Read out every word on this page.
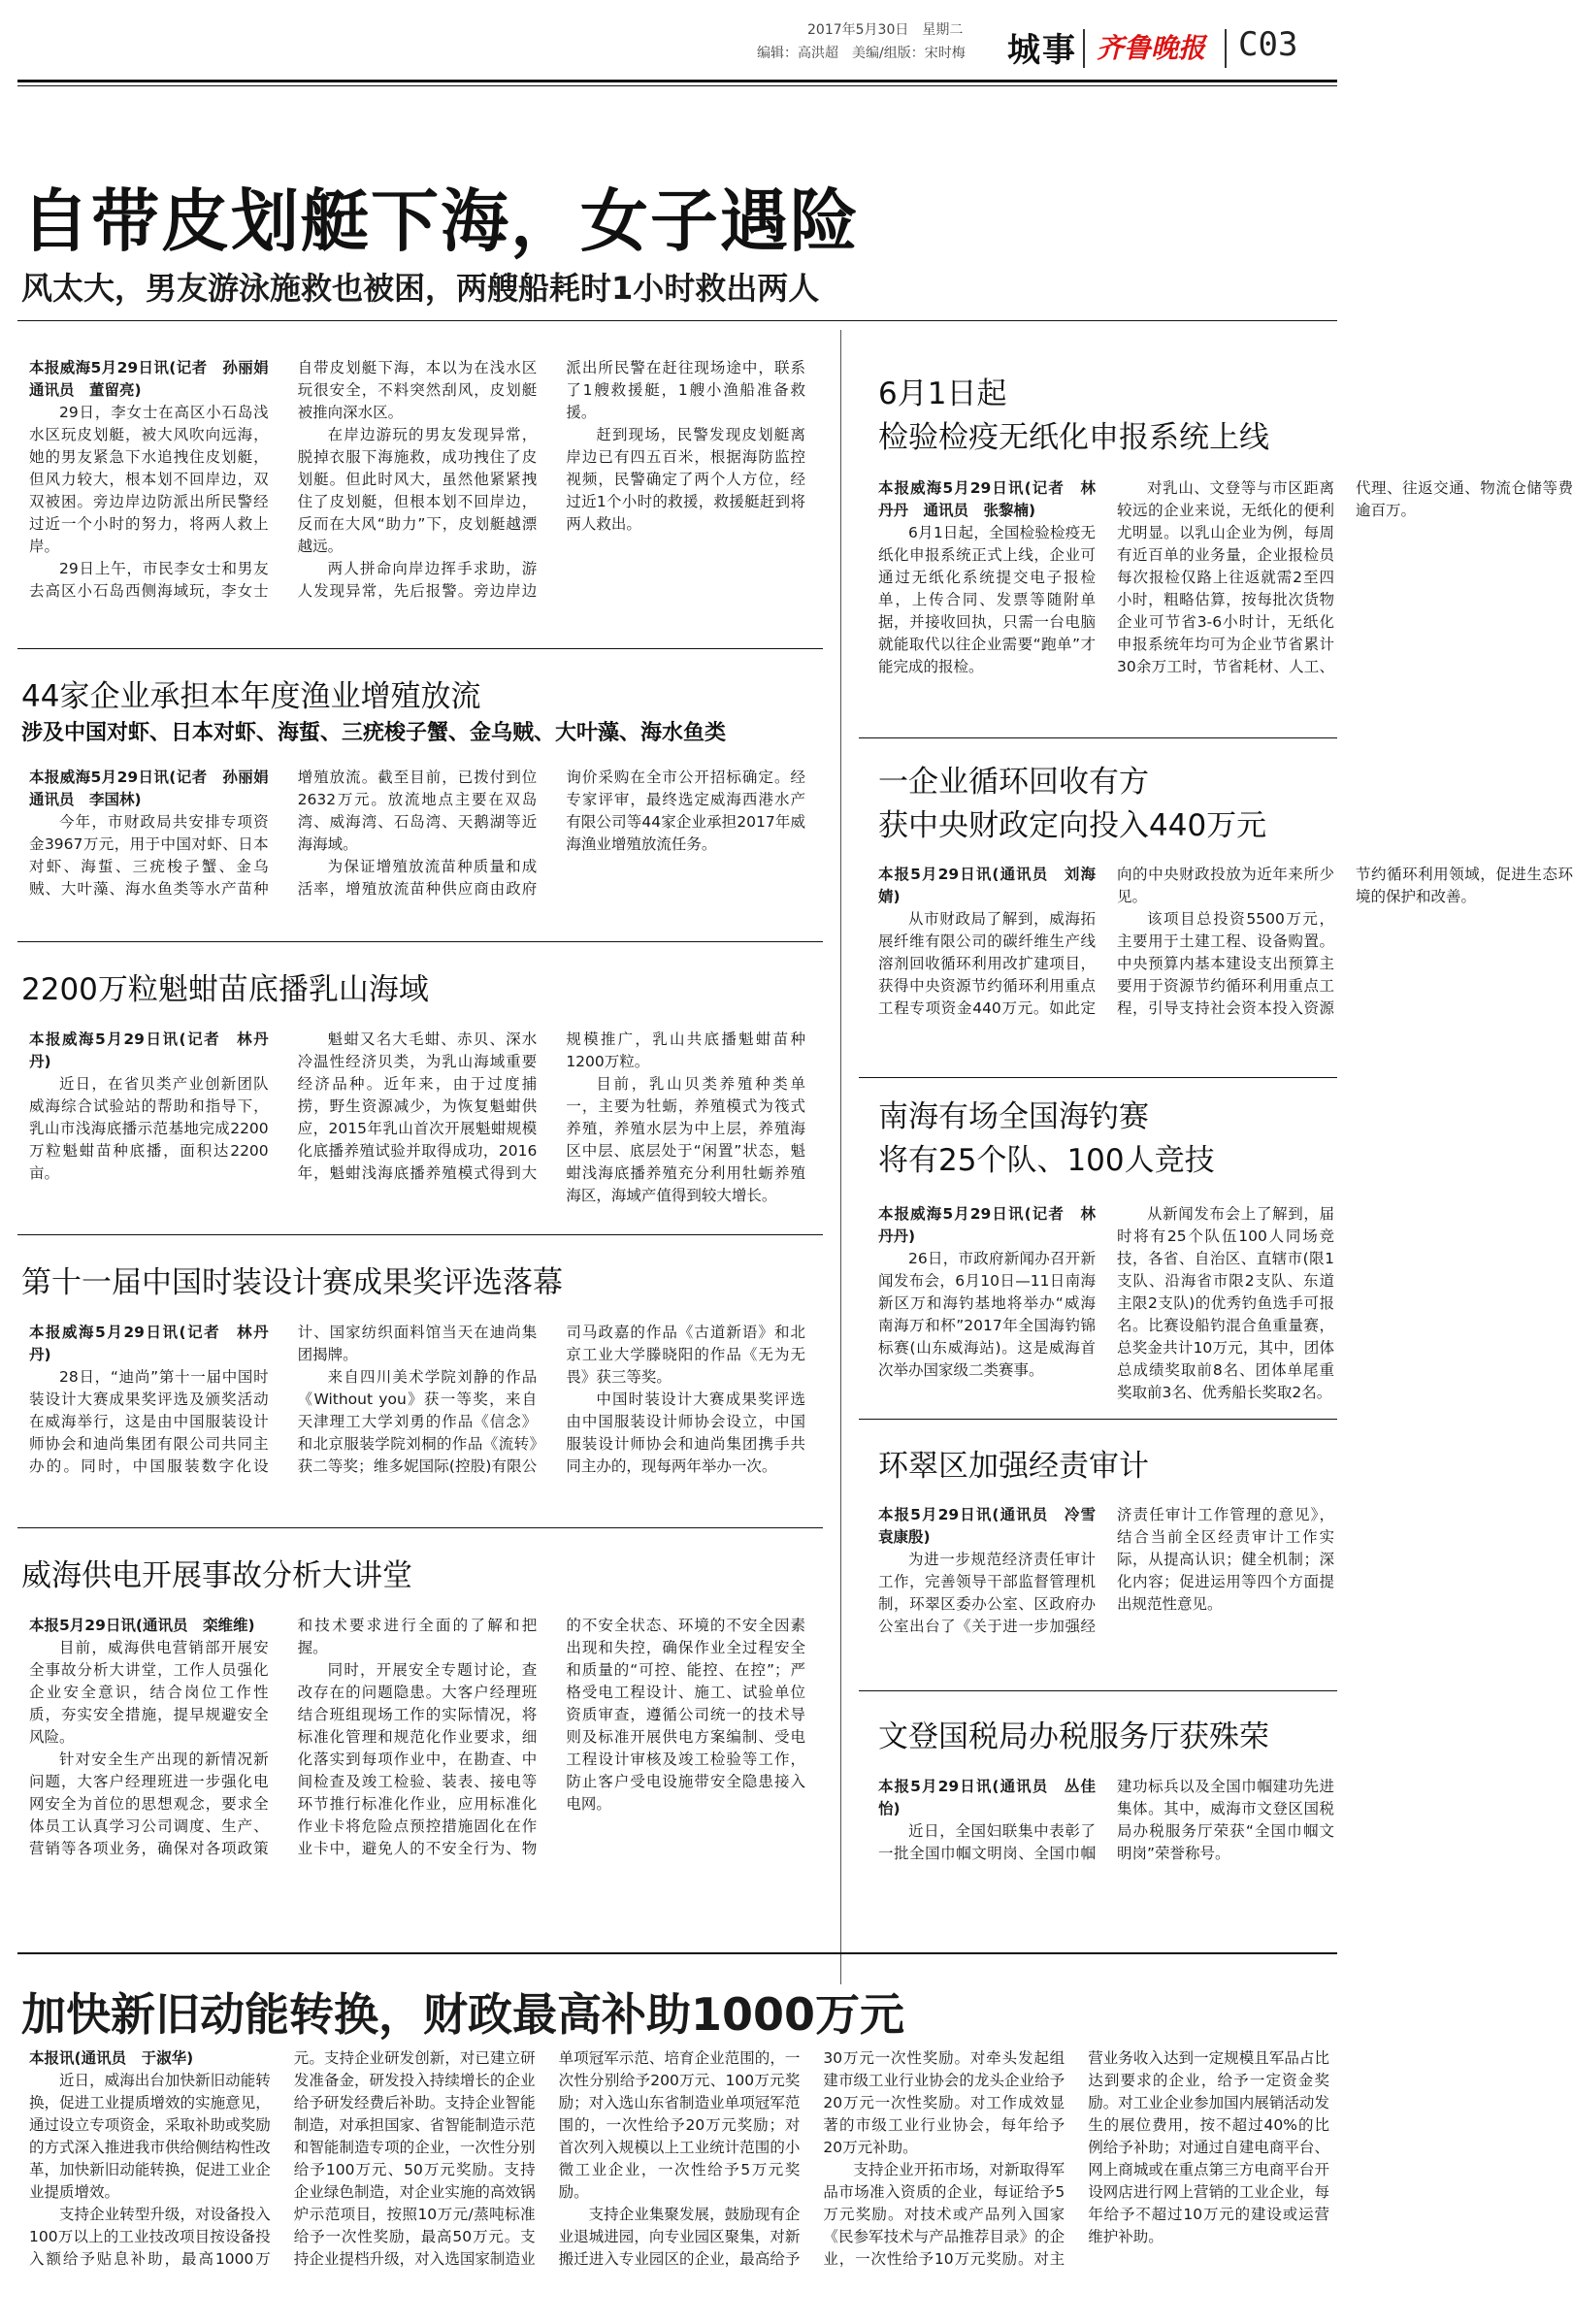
2017年5月30日　星期二
编辑：高洪超　美编/组版：宋时梅 城事 齐鲁晚报 C03
自带皮划艇下海，女子遇险
风太大，男友游泳施救也被困，两艘船耗时1小时救出两人

本报威海5月29日讯(记者　孙丽娟　通讯员　董留亮)

29日，李女士在高区小石岛浅水区玩皮划艇，被大风吹向远海，她的男友紧急下水追拽住皮划艇，但风力较大，根本划不回岸边，双双被困。旁边岸边防派出所民警经过近一个小时的努力，将两人救上岸。

29日上午，市民李女士和男友去高区小石岛西侧海域玩，李女士自带皮划艇下海，本以为在浅水区玩很安全，不料突然刮风，皮划艇被推向深水区。

在岸边游玩的男友发现异常，脱掉衣服下海施救，成功拽住了皮划艇。但此时风大，虽然他紧紧拽住了皮划艇，但根本划不回岸边，反而在大风“助力”下，皮划艇越漂越远。

两人拼命向岸边挥手求助，游人发现异常，先后报警。旁边岸边派出所民警在赶往现场途中，联系了1艘救援艇，1艘小渔船准备救援。

赶到现场，民警发现皮划艇离岸边已有四五百米，根据海防监控视频，民警确定了两个人方位，经过近1个小时的救援，救援艇赶到将两人救出。

44家企业承担本年度渔业增殖放流
涉及中国对虾、日本对虾、海蜇、三疣梭子蟹、金乌贼、大叶藻、海水鱼类

本报威海5月29日讯(记者　孙丽娟　通讯员　李国林)

今年，市财政局共安排专项资金3967万元，用于中国对虾、日本对虾、海蜇、三疣梭子蟹、金乌贼、大叶藻、海水鱼类等水产苗种增殖放流。截至目前，已拨付到位2632万元。放流地点主要在双岛湾、威海湾、石岛湾、天鹅湖等近海海域。

为保证增殖放流苗种质量和成活率，增殖放流苗种供应商由政府询价采购在全市公开招标确定。经专家评审，最终选定威海西港水产有限公司等44家企业承担2017年威海渔业增殖放流任务。

2200万粒魁蚶苗底播乳山海域

本报威海5月29日讯(记者　林丹丹)

近日，在省贝类产业创新团队威海综合试验站的帮助和指导下，乳山市浅海底播示范基地完成2200万粒魁蚶苗种底播，面积达2200亩。

魁蚶又名大毛蚶、赤贝、深水冷温性经济贝类，为乳山海域重要经济品种。近年来，由于过度捕捞，野生资源减少，为恢复魁蚶供应，2015年乳山首次开展魁蚶规模化底播养殖试验并取得成功，2016年，魁蚶浅海底播养殖模式得到大规模推广，乳山共底播魁蚶苗种1200万粒。

目前，乳山贝类养殖种类单一，主要为牡蛎，养殖模式为筏式养殖，养殖水层为中上层，养殖海区中层、底层处于“闲置”状态，魁蚶浅海底播养殖充分利用牡蛎养殖海区，海域产值得到较大增长。

第十一届中国时装设计赛成果奖评选落幕

本报威海5月29日讯(记者　林丹丹)

28日，“迪尚”第十一届中国时装设计大赛成果奖评选及颁奖活动在威海举行，这是由中国服装设计师协会和迪尚集团有限公司共同主办的。同时，中国服装数字化设计、国家纺织面料馆当天在迪尚集团揭牌。

来自四川美术学院刘静的作品《Without you》获一等奖，来自天津理工大学刘勇的作品《信念》和北京服装学院刘桐的作品《流转》获二等奖；维多妮国际(控股)有限公司马政嘉的作品《古道新语》和北京工业大学滕晓阳的作品《无为无畏》获三等奖。

中国时装设计大赛成果奖评选由中国服装设计师协会设立，中国服装设计师协会和迪尚集团携手共同主办的，现每两年举办一次。

威海供电开展事故分析大讲堂

本报5月29日讯(通讯员　栾维维)

目前，威海供电营销部开展安全事故分析大讲堂，工作人员强化企业安全意识，结合岗位工作性质，夯实安全措施，提早规避安全风险。

针对安全生产出现的新情况新问题，大客户经理班进一步强化电网安全为首位的思想观念，要求全体员工认真学习公司调度、生产、营销等各项业务，确保对各项政策和技术要求进行全面的了解和把握。

同时，开展安全专题讨论，查改存在的问题隐患。大客户经理班结合班组现场工作的实际情况，将标准化管理和规范化作业要求，细化落实到每项作业中，在勘查、中间检查及竣工检验、装表、接电等环节推行标准化作业，应用标准化作业卡将危险点预控措施固化在作业卡中，避免人的不安全行为、物的不安全状态、环境的不安全因素出现和失控，确保作业全过程安全和质量的“可控、能控、在控”；严格受电工程设计、施工、试验单位资质审查，遵循公司统一的技术导则及标准开展供电方案编制、受电工程设计审核及竣工检验等工作，防止客户受电设施带安全隐患接入电网。

6月1日起
检验检疫无纸化申报系统上线

本报威海5月29日讯(记者　林丹丹　通讯员　张黎楠)

6月1日起，全国检验检疫无纸化申报系统正式上线，企业可通过无纸化系统提交电子报检单，上传合同、发票等随附单据，并接收回执，只需一台电脑就能取代以往企业需要“跑单”才能完成的报检。

对乳山、文登等与市区距离较远的企业来说，无纸化的便利尤明显。以乳山企业为例，每周有近百单的业务量，企业报检员每次报检仅路上往返就需2至四小时，粗略估算，按每批次货物企业可节省3-6小时计，无纸化申报系统年均可为企业节省累计30余万工时，节省耗材、人工、代理、往返交通、物流仓储等费逾百万。

一企业循环回收有方
获中央财政定向投入440万元

本报5月29日讯(通讯员　刘海婧)

从市财政局了解到，威海拓展纤维有限公司的碳纤维生产线溶剂回收循环利用改扩建项目，获得中央资源节约循环利用重点工程专项资金440万元。如此定向的中央财政投放为近年来所少见。

该项目总投资5500万元，主要用于土建工程、设备购置。中央预算内基本建设支出预算主要用于资源节约循环利用重点工程，引导支持社会资本投入资源节约循环利用领域，促进生态环境的保护和改善。

南海有场全国海钓赛
将有25个队、100人竞技

本报威海5月29日讯(记者　林丹丹)

26日，市政府新闻办召开新闻发布会，6月10日—11日南海新区万和海钓基地将举办“威海南海万和杯”2017年全国海钓锦标赛(山东威海站)。这是威海首次举办国家级二类赛事。

从新闻发布会上了解到，届时将有25个队伍100人同场竞技，各省、自治区、直辖市(限1支队、沿海省市限2支队、东道主限2支队)的优秀钓鱼选手可报名。比赛设船钓混合鱼重量赛，总奖金共计10万元，其中，团体总成绩奖取前8名、团体单尾重奖取前3名、优秀船长奖取2名。

环翠区加强经责审计

本报5月29日讯(通讯员　冷雪　袁康殷)

为进一步规范经济责任审计工作，完善领导干部监督管理机制，环翠区委办公室、区政府办公室出台了《关于进一步加强经济责任审计工作管理的意见》，结合当前全区经责审计工作实际，从提高认识；健全机制；深化内容；促进运用等四个方面提出规范性意见。

文登国税局办税服务厅获殊荣

本报5月29日讯(通讯员　丛佳怡)

近日，全国妇联集中表彰了一批全国巾帼文明岗、全国巾帼建功标兵以及全国巾帼建功先进集体。其中，威海市文登区国税局办税服务厅荣获“全国巾帼文明岗”荣誉称号。

加快新旧动能转换，财政最高补助1000万元

本报讯(通讯员　于淑华)

近日，威海出台加快新旧动能转换，促进工业提质增效的实施意见，通过设立专项资金，采取补助或奖励的方式深入推进我市供给侧结构性改革，加快新旧动能转换，促进工业企业提质增效。

支持企业转型升级，对设备投入100万以上的工业技改项目按设备投入额给予贴息补助，最高1000万元。支持企业研发创新，对已建立研发准备金，研发投入持续增长的企业给予研发经费后补助。支持企业智能制造，对承担国家、省智能制造示范和智能制造专项的企业，一次性分别给予100万元、50万元奖励。支持企业绿色制造，对企业实施的高效锅炉示范项目，按照10万元/蒸吨标准给予一次性奖励，最高50万元。支持企业提档升级，对入选国家制造业单项冠军示范、培育企业范围的，一次性分别给予200万元、100万元奖励；对入选山东省制造业单项冠军范围的，一次性给予20万元奖励；对首次列入规模以上工业统计范围的小微工业企业，一次性给予5万元奖励。

支持企业集聚发展，鼓励现有企业退城进园，向专业园区聚集，对新搬迁进入专业园区的企业，最高给予30万元一次性奖励。对牵头发起组建市级工业行业协会的龙头企业给予20万元一次性奖励。对工作成效显著的市级工业行业协会，每年给予20万元补助。

支持企业开拓市场，对新取得军品市场准入资质的企业，每证给予5万元奖励。对技术或产品列入国家《民参军技术与产品推荐目录》的企业，一次性给予10万元奖励。对主营业务收入达到一定规模且军品占比达到要求的企业，给予一定资金奖励。对工业企业参加国内展销活动发生的展位费用，按不超过40%的比例给予补助；对通过自建电商平台、网上商城或在重点第三方电商平台开设网店进行网上营销的工业企业，每年给予不超过10万元的建设或运营维护补助。
